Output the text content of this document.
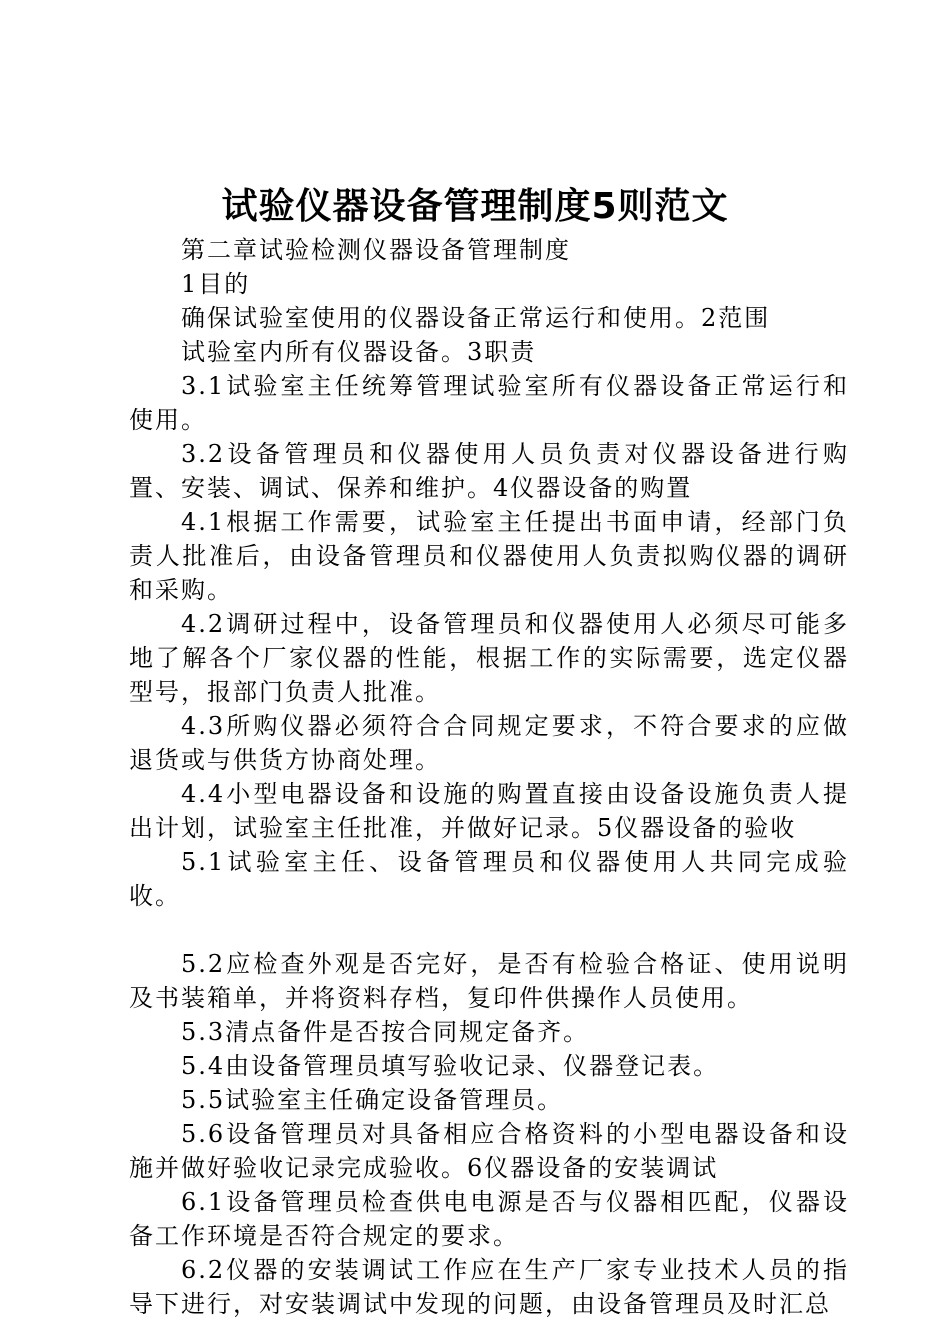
试验仪器设备管理制度5则范文

第二章试验检测仪器设备管理制度

1目的

确保试验室使用的仪器设备正常运行和使用。2范围

试验室内所有仪器设备。3职责

3.1试验室主任统筹管理试验室所有仪器设备正常运行和使用。

3.2设备管理员和仪器使用人员负责对仪器设备进行购置、安装、调试、保养和维护。4仪器设备的购置

4.1根据工作需要，试验室主任提出书面申请，经部门负责人批准后，由设备管理员和仪器使用人负责拟购仪器的调研和采购。

4.2调研过程中，设备管理员和仪器使用人必须尽可能多地了解各个厂家仪器的性能，根据工作的实际需要，选定仪器型号，报部门负责人批准。

4.3所购仪器必须符合合同规定要求，不符合要求的应做退货或与供货方协商处理。

4.4小型电器设备和设施的购置直接由设备设施负责人提出计划，试验室主任批准，并做好记录。5仪器设备的验收

5.1试验室主任、设备管理员和仪器使用人共同完成验收。

5.2应检查外观是否完好，是否有检验合格证、使用说明及书装箱单，并将资料存档，复印件供操作人员使用。

5.3清点备件是否按合同规定备齐。

5.4由设备管理员填写验收记录、仪器登记表。

5.5试验室主任确定设备管理员。

5.6设备管理员对具备相应合格资料的小型电器设备和设施并做好验收记录完成验收。6仪器设备的安装调试

6.1设备管理员检查供电电源是否与仪器相匹配，仪器设备工作环境是否符合规定的要求。

6.2仪器的安装调试工作应在生产厂家专业技术人员的指导下进行，对安装调试中发现的问题，由设备管理员及时汇总
